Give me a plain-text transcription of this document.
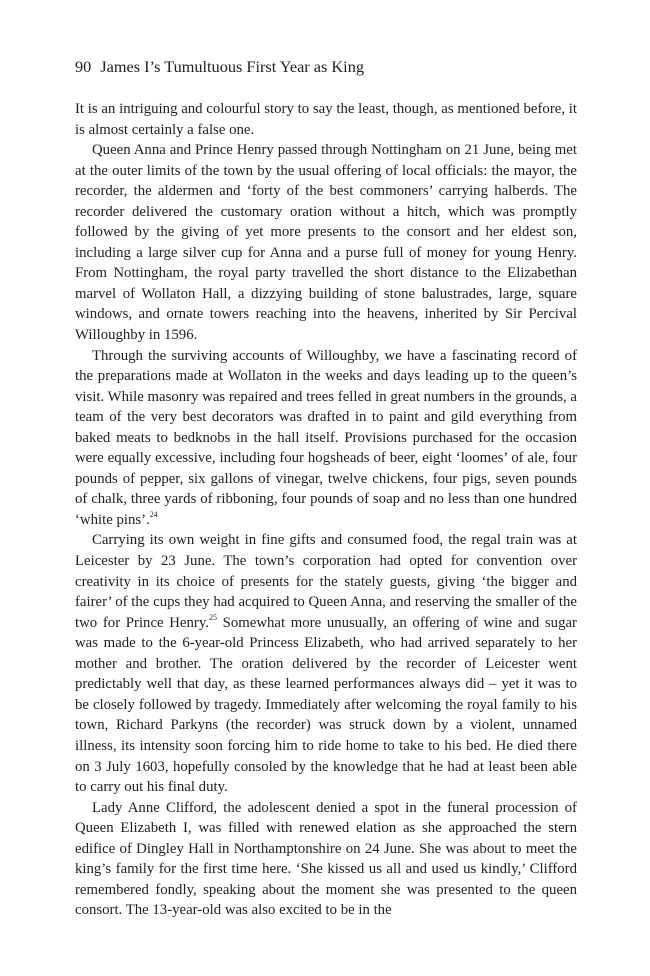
90 James I’s Tumultuous First Year as King

It is an intriguing and colourful story to say the least, though, as mentioned before, it is almost certainly a false one.

Queen Anna and Prince Henry passed through Nottingham on 21 June, being met at the outer limits of the town by the usual offering of local officials: the mayor, the recorder, the aldermen and ‘forty of the best commoners’ carrying halberds. The recorder delivered the customary oration without a hitch, which was promptly followed by the giving of yet more presents to the consort and her eldest son, including a large silver cup for Anna and a purse full of money for young Henry. From Nottingham, the royal party travelled the short distance to the Elizabethan marvel of Wollaton Hall, a dizzying building of stone balustrades, large, square windows, and ornate towers reaching into the heavens, inherited by Sir Percival Willoughby in 1596.

Through the surviving accounts of Willoughby, we have a fascinating record of the preparations made at Wollaton in the weeks and days leading up to the queen’s visit. While masonry was repaired and trees felled in great numbers in the grounds, a team of the very best decorators was drafted in to paint and gild everything from baked meats to bedknobs in the hall itself. Provisions purchased for the occasion were equally excessive, including four hogsheads of beer, eight ‘loomes’ of ale, four pounds of pepper, six gallons of vinegar, twelve chickens, four pigs, seven pounds of chalk, three yards of ribboning, four pounds of soap and no less than one hundred ‘white pins’.$^{24}$

Carrying its own weight in fine gifts and consumed food, the regal train was at Leicester by 23 June. The town’s corporation had opted for convention over creativity in its choice of presents for the stately guests, giving ‘the bigger and fairer’ of the cups they had acquired to Queen Anna, and reserving the smaller of the two for Prince Henry.$^{25}$ Somewhat more unusually, an offering of wine and sugar was made to the 6-year-old Princess Elizabeth, who had arrived separately to her mother and brother. The oration delivered by the recorder of Leicester went predictably well that day, as these learned performances always did – yet it was to be closely followed by tragedy. Immediately after welcoming the royal family to his town, Richard Parkyns (the recorder) was struck down by a violent, unnamed illness, its intensity soon forcing him to ride home to take to his bed. He died there on 3 July 1603, hopefully consoled by the knowledge that he had at least been able to carry out his final duty.

Lady Anne Clifford, the adolescent denied a spot in the funeral procession of Queen Elizabeth I, was filled with renewed elation as she approached the stern edifice of Dingley Hall in Northamptonshire on 24 June. She was about to meet the king’s family for the first time here. ‘She kissed us all and used us kindly,’ Clifford remembered fondly, speaking about the moment she was presented to the queen consort. The 13-year-old was also excited to be in the
